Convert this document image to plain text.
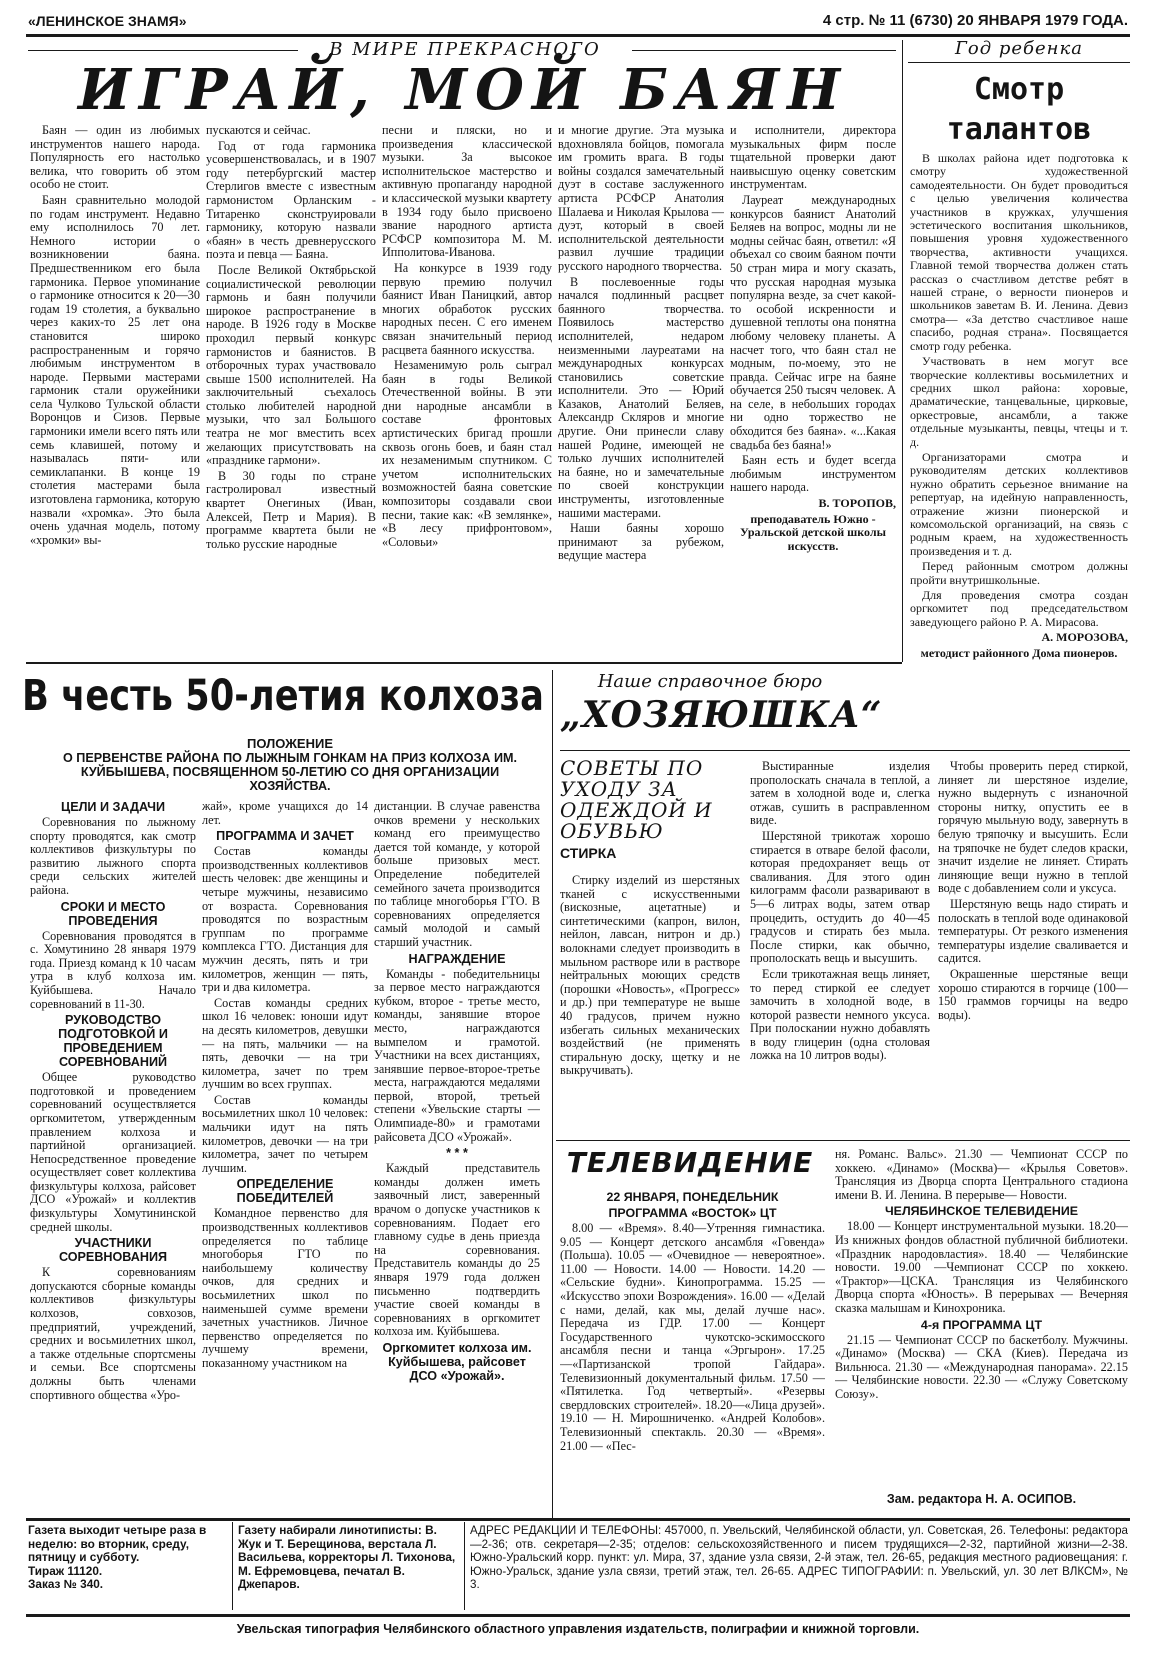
«ЛЕНИНСКОЕ ЗНАМЯ»	4 стр. № 11 (6730) 20 ЯНВАРЯ 1979 ГОДА.
В МИРЕ ПРЕКРАСНОГО
ИГРАЙ, МОЙ БАЯН

Баян — один из любимых инструментов нашего народа. Популярность его настолько велика, что говорить об этом особо не стоит.

Баян сравнительно молодой по годам инструмент. Недавно ему исполнилось 70 лет. Немного истории о возникновении баяна. Предшественником его была гармоника. Первое упоминание о гармонике относится к 20—30 годам 19 столетия, а буквально через каких-то 25 лет она становится широко распространенным и горячо любимым инструментом в народе. Первыми мастерами гармоник стали оружейники села Чулково Тульской области Воронцов и Сизов. Первые гармоники имели всего пять или семь клавишей, потому и называлась пяти- или семиклапанки. В конце 19 столетия мастерами была изготовлена гармоника, которую назвали «хромка». Это была очень удачная модель, потому «хромки» вы-

пускаются и сейчас.

Год от года гармоника усовершенствовалась, и в 1907 году петербургский мастер Стерлигов вместе с известным гармонистом Орланским - Титаренко сконструировали гармонику, которую назвали «баян» в честь древнерусского поэта и певца — Баяна.

После Великой Октябрьской социалистической революции гармонь и баян получили широкое распространение в народе. В 1926 году в Москве проходил первый конкурс гармонистов и баянистов. В отборочных турах участвовало свыше 1500 исполнителей. На заключительный съехалось столько любителей народной музыки, что зал Большого театра не мог вместить всех желающих присутствовать на «празднике гармони».

В 30 годы по стране гастролировал известный квартет Онегиных (Иван, Алексей, Петр и Мария). В программе квартета были не только русские народные

песни и пляски, но и произведения классической музыки. За высокое исполнительское мастерство и активную пропаганду народной и классической музыки квартету в 1934 году было присвоено звание народного артиста РСФСР композитора М. М. Ипполитова-Иванова.

На конкурсе в 1939 году первую премию получил баянист Иван Паницкий, автор многих обработок русских народных песен. С его именем связан значительный период расцвета баянного искусства.

Незаменимую роль сыграл баян в годы Великой Отечественной войны. В эти дни народные ансамбли в составе фронтовых артистических бригад прошли сквозь огонь боев, и баян стал их незаменимым спутником. С учетом исполнительских возможностей баяна советские композиторы создавали свои песни, такие как: «В землянке», «В лесу прифронтовом», «Соловьи»

и многие другие. Эта музыка вдохновляла бойцов, помогала им громить врага. В годы войны создался замечательный дуэт в составе заслуженного артиста РСФСР Анатолия Шалаева и Николая Крылова — дуэт, который в своей исполнительской деятельности развил лучшие традиции русского народного творчества.

В послевоенные годы начался подлинный расцвет баянного творчества. Появилось мастерство исполнителей, недаром неизменными лауреатами на международных конкурсах становились советские исполнители. Это — Юрий Казаков, Анатолий Беляев, Александр Скляров и многие другие. Они принесли славу нашей Родине, имеющей не только лучших исполнителей на баяне, но и замечательные по своей конструкции инструменты, изготовленные нашими мастерами.

Наши баяны хорошо принимают за рубежом, ведущие мастера

и исполнители, директора музыкальных фирм после тщательной проверки дают наивысшую оценку советским инструментам.

Лауреат международных конкурсов баянист Анатолий Беляев на вопрос, модны ли не модны сейчас баян, ответил: «Я объехал со своим баяном почти 50 стран мира и могу сказать, что русская народная музыка популярна везде, за счет какой-то особой искренности и душевной теплоты она понятна любому человеку планеты. А насчет того, что баян стал не модным, по-моему, это не правда. Сейчас игре на баяне обучается 250 тысяч человек. А на селе, в небольших городах ни одно торжество не обходится без баяна». «...Какая свадьба без баяна!»

Баян есть и будет всегда любимым инструментом нашего народа.

В. ТОРОПОВ,

преподаватель Южно - Уральской детской школы искусств.

Год ребенка
Смотр
талантов

В школах района идет подготовка к смотру художественной самодеятельности. Он будет проводиться с целью увеличения количества участников в кружках, улучшения эстетического воспитания школьников, повышения уровня художественного творчества, активности учащихся. Главной темой творчества должен стать рассказ о счастливом детстве ребят в нашей стране, о верности пионеров и школьников заветам В. И. Ленина. Девиз смотра— «За детство счастливое наше спасибо, родная страна». Посвящается смотр году ребенка.

Участвовать в нем могут все творческие коллективы восьмилетних и средних школ района: хоровые, драматические, танцевальные, цирковые, оркестровые, ансамбли, а также отдельные музыканты, певцы, чтецы и т. д.

Организаторами смотра и руководителям детских коллективов нужно обратить серьезное внимание на репертуар, на идейную направленность, отражение жизни пионерской и комсомольской организаций, на связь с родным краем, на художественность произведения и т. д.

Перед районным смотром должны пройти внутришкольные.

Для проведения смотра создан оргкомитет под председательством заведующего районо Р. А. Мирасова.

А. МОРОЗОВА,

методист районного Дома пионеров.

В честь 50-летия колхоза
ПОЛОЖЕНИЕ
О ПЕРВЕНСТВЕ РАЙОНА ПО ЛЫЖНЫМ ГОНКАМ НА ПРИЗ КОЛХОЗА ИМ. КУЙБЫШЕВА, ПОСВЯЩЕННОМ 50-ЛЕТИЮ СО ДНЯ ОРГАНИЗАЦИИ ХОЗЯЙСТВА.

ЦЕЛИ И ЗАДАЧИ

Соревнования по лыжному спорту проводятся, как смотр коллективов физкультуры по развитию лыжного спорта среди сельских жителей района.

СРОКИ И МЕСТО ПРОВЕДЕНИЯ

Соревнования проводятся в с. Хомутинино 28 января 1979 года. Приезд команд к 10 часам утра в клуб колхоза им. Куйбышева. Начало соревнований в 11-30.

РУКОВОДСТВО ПОДГОТОВКОЙ И ПРОВЕДЕНИЕМ СОРЕВНОВАНИЙ

Общее руководство подготовкой и проведением соревнований осуществляется оргкомитетом, утвержденным правлением колхоза и партийной организацией. Непосредственное проведение осуществляет совет коллектива физкультуры колхоза, райсовет ДСО «Урожай» и коллектив физкультуры Хомутининской средней школы.

УЧАСТНИКИ СОРЕВНОВАНИЯ

К соревнованиям допускаются сборные команды коллективов физкультуры колхозов, совхозов, предприятий, учреждений, средних и восьмилетних школ, а также отдельные спортсмены и семьи. Все спортсмены должны быть членами спортивного общества «Уро-

жай», кроме учащихся до 14 лет.

ПРОГРАММА И ЗАЧЕТ

Состав команды производственных коллективов шесть человек: две женщины и четыре мужчины, независимо от возраста. Соревнования проводятся по возрастным группам по программе комплекса ГТО. Дистанция для мужчин десять, пять и три километров, женщин — пять, три и два километра.

Состав команды средних школ 16 человек: юноши идут на десять километров, девушки — на пять, мальчики — на пять, девочки — на три километра, зачет по трем лучшим во всех группах.

Состав команды восьмилетних школ 10 человек: мальчики идут на пять километров, девочки — на три километра, зачет по четырем лучшим.

ОПРЕДЕЛЕНИЕ ПОБЕДИТЕЛЕЙ

Командное первенство для производственных коллективов определяется по таблице многоборья ГТО по наибольшему количеству очков, для средних и восьмилетних школ по наименьшей сумме времени зачетных участников. Личное первенство определяется по лучшему времени, показанному участником на

дистанции. В случае равенства очков времени у нескольких команд его преимущество дается той команде, у которой больше призовых мест. Определение победителей семейного зачета производится по таблице многоборья ГТО. В соревнованиях определяется самый молодой и самый старший участник.

НАГРАЖДЕНИЕ

Команды - победительницы за первое место награждаются кубком, второе - третье место, команды, занявшие второе место, награждаются вымпелом и грамотой. Участники на всех дистанциях, занявшие первое-второе-третье места, награждаются медалями первой, второй, третьей степени «Увельские старты — Олимпиаде-80» и грамотами райсовета ДСО «Урожай».

* * *

Каждый представитель команды должен иметь заявочный лист, заверенный врачом о допуске участников к соревнованиям. Подает его главному судье в день приезда на соревнования. Представитель команды до 25 января 1979 года должен письменно подтвердить участие своей команды в соревнованиях в оргкомитет колхоза им. Куйбышева.

Оргкомитет колхоза им. Куйбышева, райсовет ДСО «Урожай».

Наше справочное бюро
„ХОЗЯЮШКА“
СОВЕТЫ ПО УХОДУ ЗА ОДЕЖДОЙ И ОБУВЬЮ
СТИРКА

Стирку изделий из шерстяных тканей с искусственными (вискозные, ацетатные) и синтетическими (капрон, вилон, нейлон, лавсан, нитрон и др.) волокнами следует производить в мыльном растворе или в растворе нейтральных моющих средств (порошки «Новость», «Прогресс» и др.) при температуре не выше 40 градусов, причем нужно избегать сильных механических воздействий (не применять стиральную доску, щетку и не выкручивать).

Выстиранные изделия прополоскать сначала в теплой, а затем в холодной воде и, слегка отжав, сушить в расправленном виде.

Шерстяной трикотаж хорошо стирается в отваре белой фасоли, которая предохраняет вещь от сваливания. Для этого один килограмм фасоли разваривают в 5—6 литрах воды, затем отвар процедить, остудить до 40—45 градусов и стирать без мыла. После стирки, как обычно, прополоскать вещь и высушить.

Если трикотажная вещь линяет, то перед стиркой ее следует замочить в холодной воде, в которой развести немного уксуса. При полоскании нужно добавлять в воду глицерин (одна столовая ложка на 10 литров воды).

Чтобы проверить перед стиркой, линяет ли шерстяное изделие, нужно выдернуть с изнаночной стороны нитку, опустить ее в горячую мыльную воду, завернуть в белую тряпочку и высушить. Если на тряпочке не будет следов краски, значит изделие не линяет. Стирать линяющие вещи нужно в теплой воде с добавлением соли и уксуса.

Шерстяную вещь надо стирать и полоскать в теплой воде одинаковой температуры. От резкого изменения температуры изделие сваливается и садится.

Окрашенные шерстяные вещи хорошо стираются в горчице (100—150 граммов горчицы на ведро воды).

ТЕЛЕВИДЕНИЕ

22 ЯНВАРЯ, ПОНЕДЕЛЬНИК

ПРОГРАММА «ВОСТОК» ЦТ

8.00 — «Время». 8.40—Утренняя гимнастика. 9.05 — Концерт детского ансамбля «Говенда» (Польша). 10.05 — «Очевидное — невероятное». 11.00 — Новости. 14.00 — Новости. 14.20 — «Сельские будни». Кинопрограмма. 15.25 — «Искусство эпохи Возрождения». 16.00 — «Делай с нами, делай, как мы, делай лучше нас». Передача из ГДР. 17.00 — Концерт Государственного чукотско-эскимосского ансамбля песни и танца «Эргырон». 17.25 —«Партизанской тропой Гайдара». Телевизионный документальный фильм. 17.50 — «Пятилетка. Год четвертый». «Резервы свердловских строителей». 18.20—«Лица друзей». 19.10 — Н. Мирошниченко. «Андрей Колобов». Телевизионный спектакль. 20.30 — «Время». 21.00 — «Пес-

ня. Романс. Вальс». 21.30 — Чемпионат СССР по хоккею. «Динамо» (Москва)— «Крылья Советов». Трансляция из Дворца спорта Центрального стадиона имени В. И. Ленина. В перерыве— Новости.

ЧЕЛЯБИНСКОЕ ТЕЛЕВИДЕНИЕ

18.00 — Концерт инструментальной музыки. 18.20—Из книжных фондов областной публичной библиотеки. «Праздник народовластия». 18.40 — Челябинские новости. 19.00 —Чемпионат СССР по хоккею. «Трактор»—ЦСКА. Трансляция из Челябинского Дворца спорта «Юность». В перерывах — Вечерняя сказка малышам и Кинохроника.

4-я ПРОГРАММА ЦТ

21.15 — Чемпионат СССР по баскетболу. Мужчины. «Динамо» (Москва) — СКА (Киев). Передача из Вильнюса. 21.30 — «Международная панорама». 22.15 — Челябинские новости. 22.30 — «Служу Советскому Союзу».

Зам. редактора Н. А. ОСИПОВ.
Газета выходит четыре раза в неделю: во вторник, среду, пятницу и субботу.
Тираж 11120.
Заказ № 340.
Газету набирали линотиписты: В. Жук и Т. Берещинова, верстала Л. Васильева, корректоры Л. Тихонова, М. Ефремовцева, печатал В. Джепаров.
АДРЕС РЕДАКЦИИ И ТЕЛЕФОНЫ: 457000, п. Увельский, Челябинской области, ул. Советская, 26. Телефоны: редактора—2-36; отв. секретаря—2-35; отделов: сельскохозяйственного и писем трудящихся—2-32, партийной жизни—2-38. Южно-Уральский корр. пункт: ул. Мира, 37, здание узла связи, 2-й этаж, тел. 26-65, редакция местного радиовещания: г. Южно-Уральск, здание узла связи, третий этаж, тел. 26-65. АДРЕС ТИПОГРАФИИ: п. Увельский, ул. 30 лет ВЛКСМ», № 3.
Увельская типография Челябинского областного управления издательств, полиграфии и книжной торговли.
